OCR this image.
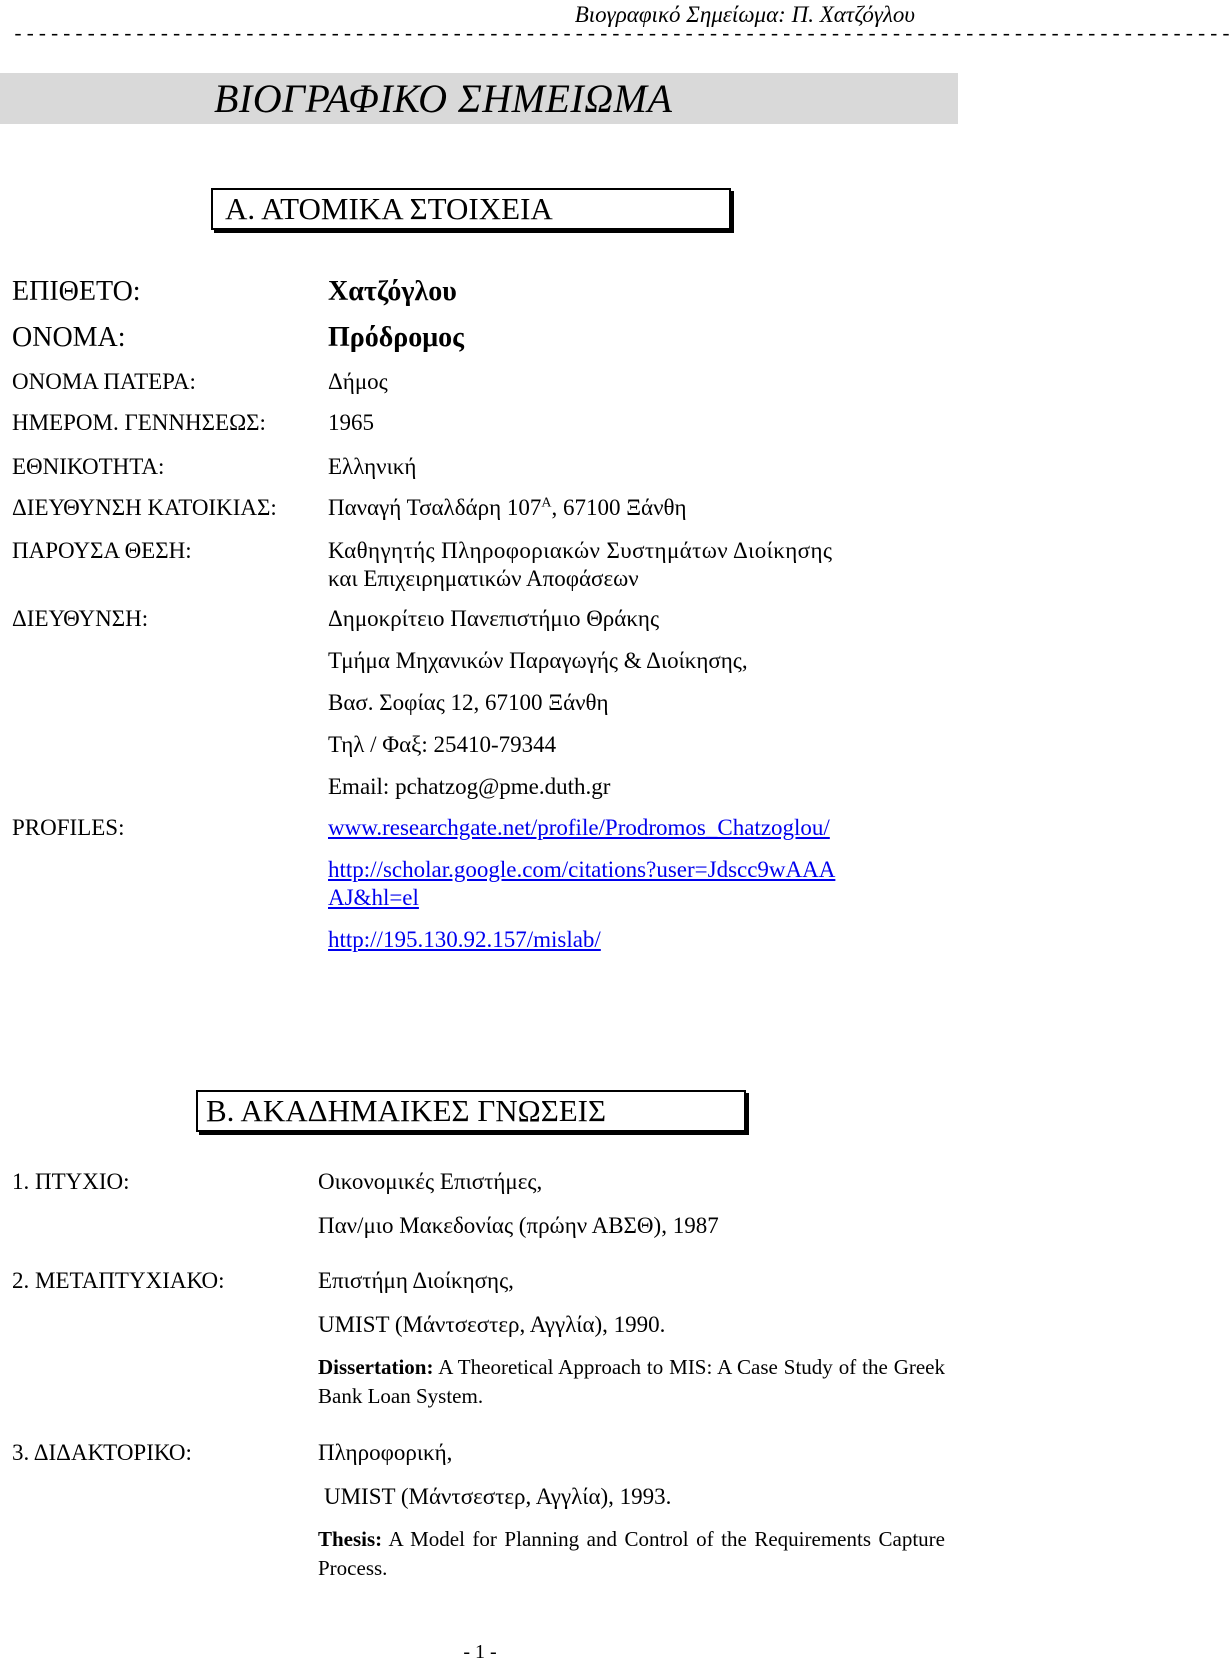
Βιογραφικό Σημείωμα: Π. Χατζόγλου
----------------------------------------------------------------------------------------------------
ΒΙΟΓΡΑΦΙΚΟ ΣΗΜΕΙΩΜΑ
Α. ΑΤΟΜΙΚΑ ΣΤΟΙΧΕΙΑ
ΕΠΙΘΕΤΟ:	Χατζόγλου
ΟΝΟΜΑ:	Πρόδρομος
ΟΝΟΜΑ ΠΑΤΕΡΑ:	Δήμος
ΗΜΕΡΟΜ. ΓΕΝΝΗΣΕΩΣ:	1965
ΕΘΝΙΚΟΤΗΤΑ:	Ελληνική
ΔΙΕΥΘΥΝΣΗ ΚΑΤΟΙΚΙΑΣ: Παναγή Τσαλδάρη $107^A$, 67100 Ξάνθη
ΠΑΡΟΥΣΑ ΘΕΣΗ:	Καθηγητής Πληροφοριακών Συστημάτων Διοίκησης
και Επιχειρηματικών Αποφάσεων
ΔΙΕΥΘΥΝΣΗ:	Δημοκρίτειο Πανεπιστήμιο Θράκης
Τμήμα Μηχανικών Παραγωγής & Διοίκησης,
Βασ. Σοφίας 12, 67100 Ξάνθη
Τηλ / Φαξ: 25410-79344
Email: pchatzog@pme.duth.gr
PROFILES:	www.researchgate.net/profile/Prodromos_Chatzoglou/
http://scholar.google.com/citations?user=Jdscc9wAAA
AJ&hl=el
http://195.130.92.157/mislab/
Β. ΑΚΑΔΗΜΑΙΚΕΣ ΓΝΩΣΕΙΣ
1. ΠΤΥΧΙΟ:	Οικονομικές Επιστήμες,
Παν/μιο Μακεδονίας (πρώην ΑΒΣΘ), 1987
2. ΜΕΤΑΠΤΥΧΙΑΚΟ:	Επιστήμη Διοίκησης,
UMIST (Μάντσεστερ, Αγγλία), 1990.
Dissertation: A Theoretical Approach to MIS: A Case Study of the Greek Bank Loan System.
3. ΔΙΔΑΚΤΟΡΙΚΟ:	Πληροφορική,
UMIST (Μάντσεστερ, Αγγλία), 1993.
Thesis: A Model for Planning and Control of the Requirements Capture Process.
- 1 -
